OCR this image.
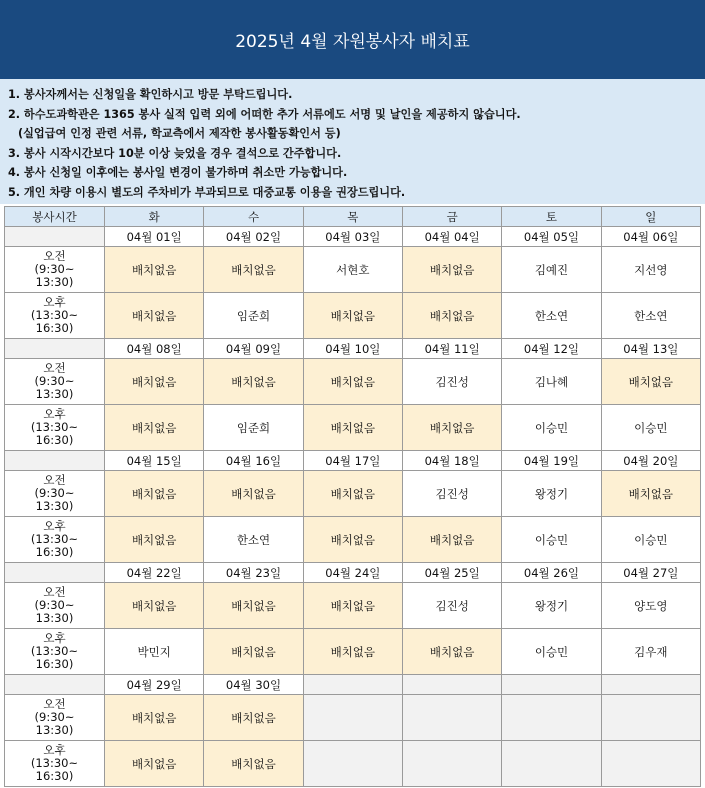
2025년 4월 자원봉사자 배치표
1. 봉사자께서는 신청일을 확인하시고 방문 부탁드립니다.
2. 하수도과학관은 1365 봉사 실적 입력 외에 어떠한 추가 서류에도 서명 및 날인을 제공하지 않습니다.
(실업급여 인정 관련 서류, 학교측에서 제작한 봉사활동확인서 등)
3. 봉사 시작시간보다 10분 이상 늦었을 경우 결석으로 간주합니다.
4. 봉사 신청일 이후에는 봉사일 변경이 불가하며 취소만 가능합니다.
5. 개인 차량 이용시 별도의 주차비가 부과되므로 대중교통 이용을 권장드립니다.
봉사시간	화	수	목	금	토	일
	04월 01일	04월 02일	04월 03일	04월 04일	04월 05일	04월 06일

오전
(9:30~
13:30)	배치없음	배치없음	서현호	배치없음	김예진	지선영

오후
(13:30~
16:30)	배치없음	임준희	배치없음	배치없음	한소연	한소연
	04월 08일	04월 09일	04월 10일	04월 11일	04월 12일	04월 13일

오전
(9:30~
13:30)	배치없음	배치없음	배치없음	김진성	김나혜	배치없음

오후
(13:30~
16:30)	배치없음	임준희	배치없음	배치없음	이승민	이승민
	04월 15일	04월 16일	04월 17일	04월 18일	04월 19일	04월 20일

오전
(9:30~
13:30)	배치없음	배치없음	배치없음	김진성	왕정기	배치없음

오후
(13:30~
16:30)	배치없음	한소연	배치없음	배치없음	이승민	이승민
	04월 22일	04월 23일	04월 24일	04월 25일	04월 26일	04월 27일

오전
(9:30~
13:30)	배치없음	배치없음	배치없음	김진성	왕정기	양도영

오후
(13:30~
16:30)	박민지	배치없음	배치없음	배치없음	이승민	김우재
	04월 29일	04월 30일				

오전
(9:30~
13:30)	배치없음	배치없음				

오후
(13:30~
16:30)	배치없음	배치없음				
